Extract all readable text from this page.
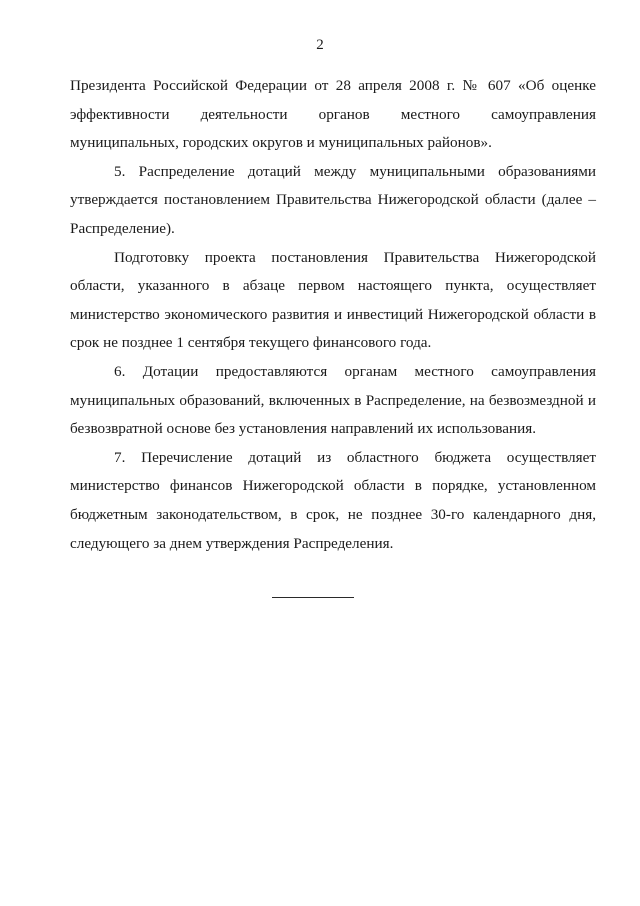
2

Президента Российской Федерации от 28 апреля 2008 г. № 607 «Об оценке эффективности деятельности органов местного самоуправления муниципальных, городских округов и муниципальных районов».

5. Распределение дотаций между муниципальными образованиями утверждается постановлением Правительства Нижегородской области (далее – Распределение).

Подготовку проекта постановления Правительства Нижегородской области, указанного в абзаце первом настоящего пункта, осуществляет министерство экономического развития и инвестиций Нижегородской области в срок не позднее 1 сентября текущего финансового года.

6. Дотации предоставляются органам местного самоуправления муниципальных образований, включенных в Распределение, на безвозмездной и безвозвратной основе без установления направлений их использования.

7. Перечисление дотаций из областного бюджета осуществляет министерство финансов Нижегородской области в порядке, установленном бюджетным законодательством, в срок, не позднее 30-го календарного дня, следующего за днем утверждения Распределения.
